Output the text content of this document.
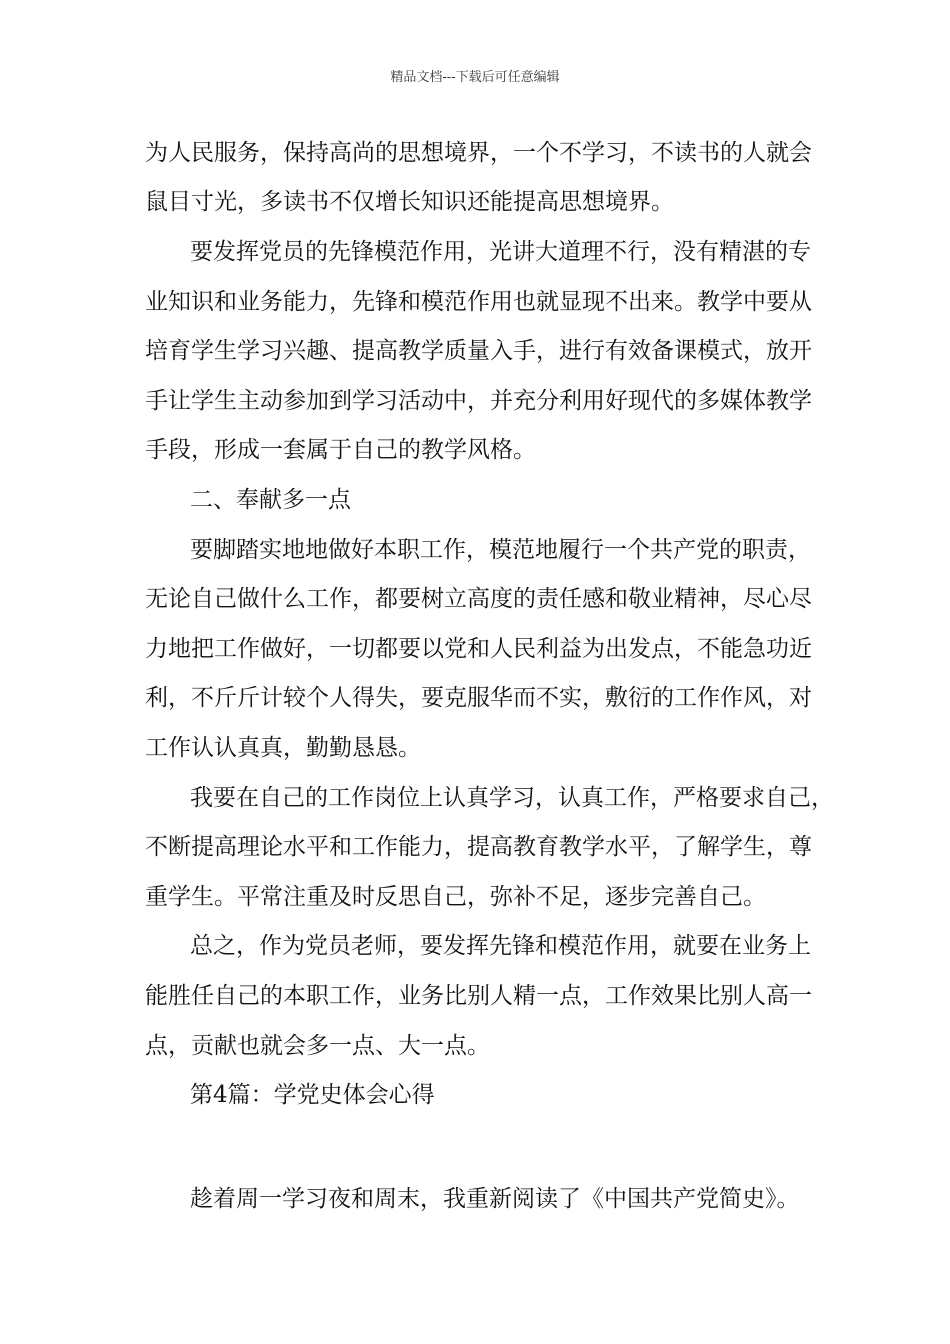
精品文档---下载后可任意编辑
为人民服务，保持高尚的思想境界，一个不学习，不读书的人就会
鼠目寸光，多读书不仅增长知识还能提高思想境界。
要发挥党员的先锋模范作用，光讲大道理不行，没有精湛的专
业知识和业务能力，先锋和模范作用也就显现不出来。教学中要从
培育学生学习兴趣、提高教学质量入手，进行有效备课模式，放开
手让学生主动参加到学习活动中，并充分利用好现代的多媒体教学
手段，形成一套属于自己的教学风格。
二、奉献多一点
要脚踏实地地做好本职工作，模范地履行一个共产党的职责，
无论自己做什么工作，都要树立高度的责任感和敬业精神，尽心尽
力地把工作做好，一切都要以党和人民利益为出发点，不能急功近
利，不斤斤计较个人得失，要克服华而不实，敷衍的工作作风，对
工作认认真真，勤勤恳恳。
我要在自己的工作岗位上认真学习，认真工作，严格要求自己，
不断提高理论水平和工作能力，提高教育教学水平，了解学生，尊
重学生。平常注重及时反思自己，弥补不足，逐步完善自己。
总之，作为党员老师，要发挥先锋和模范作用，就要在业务上
能胜任自己的本职工作，业务比别人精一点，工作效果比别人高一
点，贡献也就会多一点、大一点。
第4篇：学党史体会心得
趁着周一学习夜和周末，我重新阅读了《中国共产党简史》。
